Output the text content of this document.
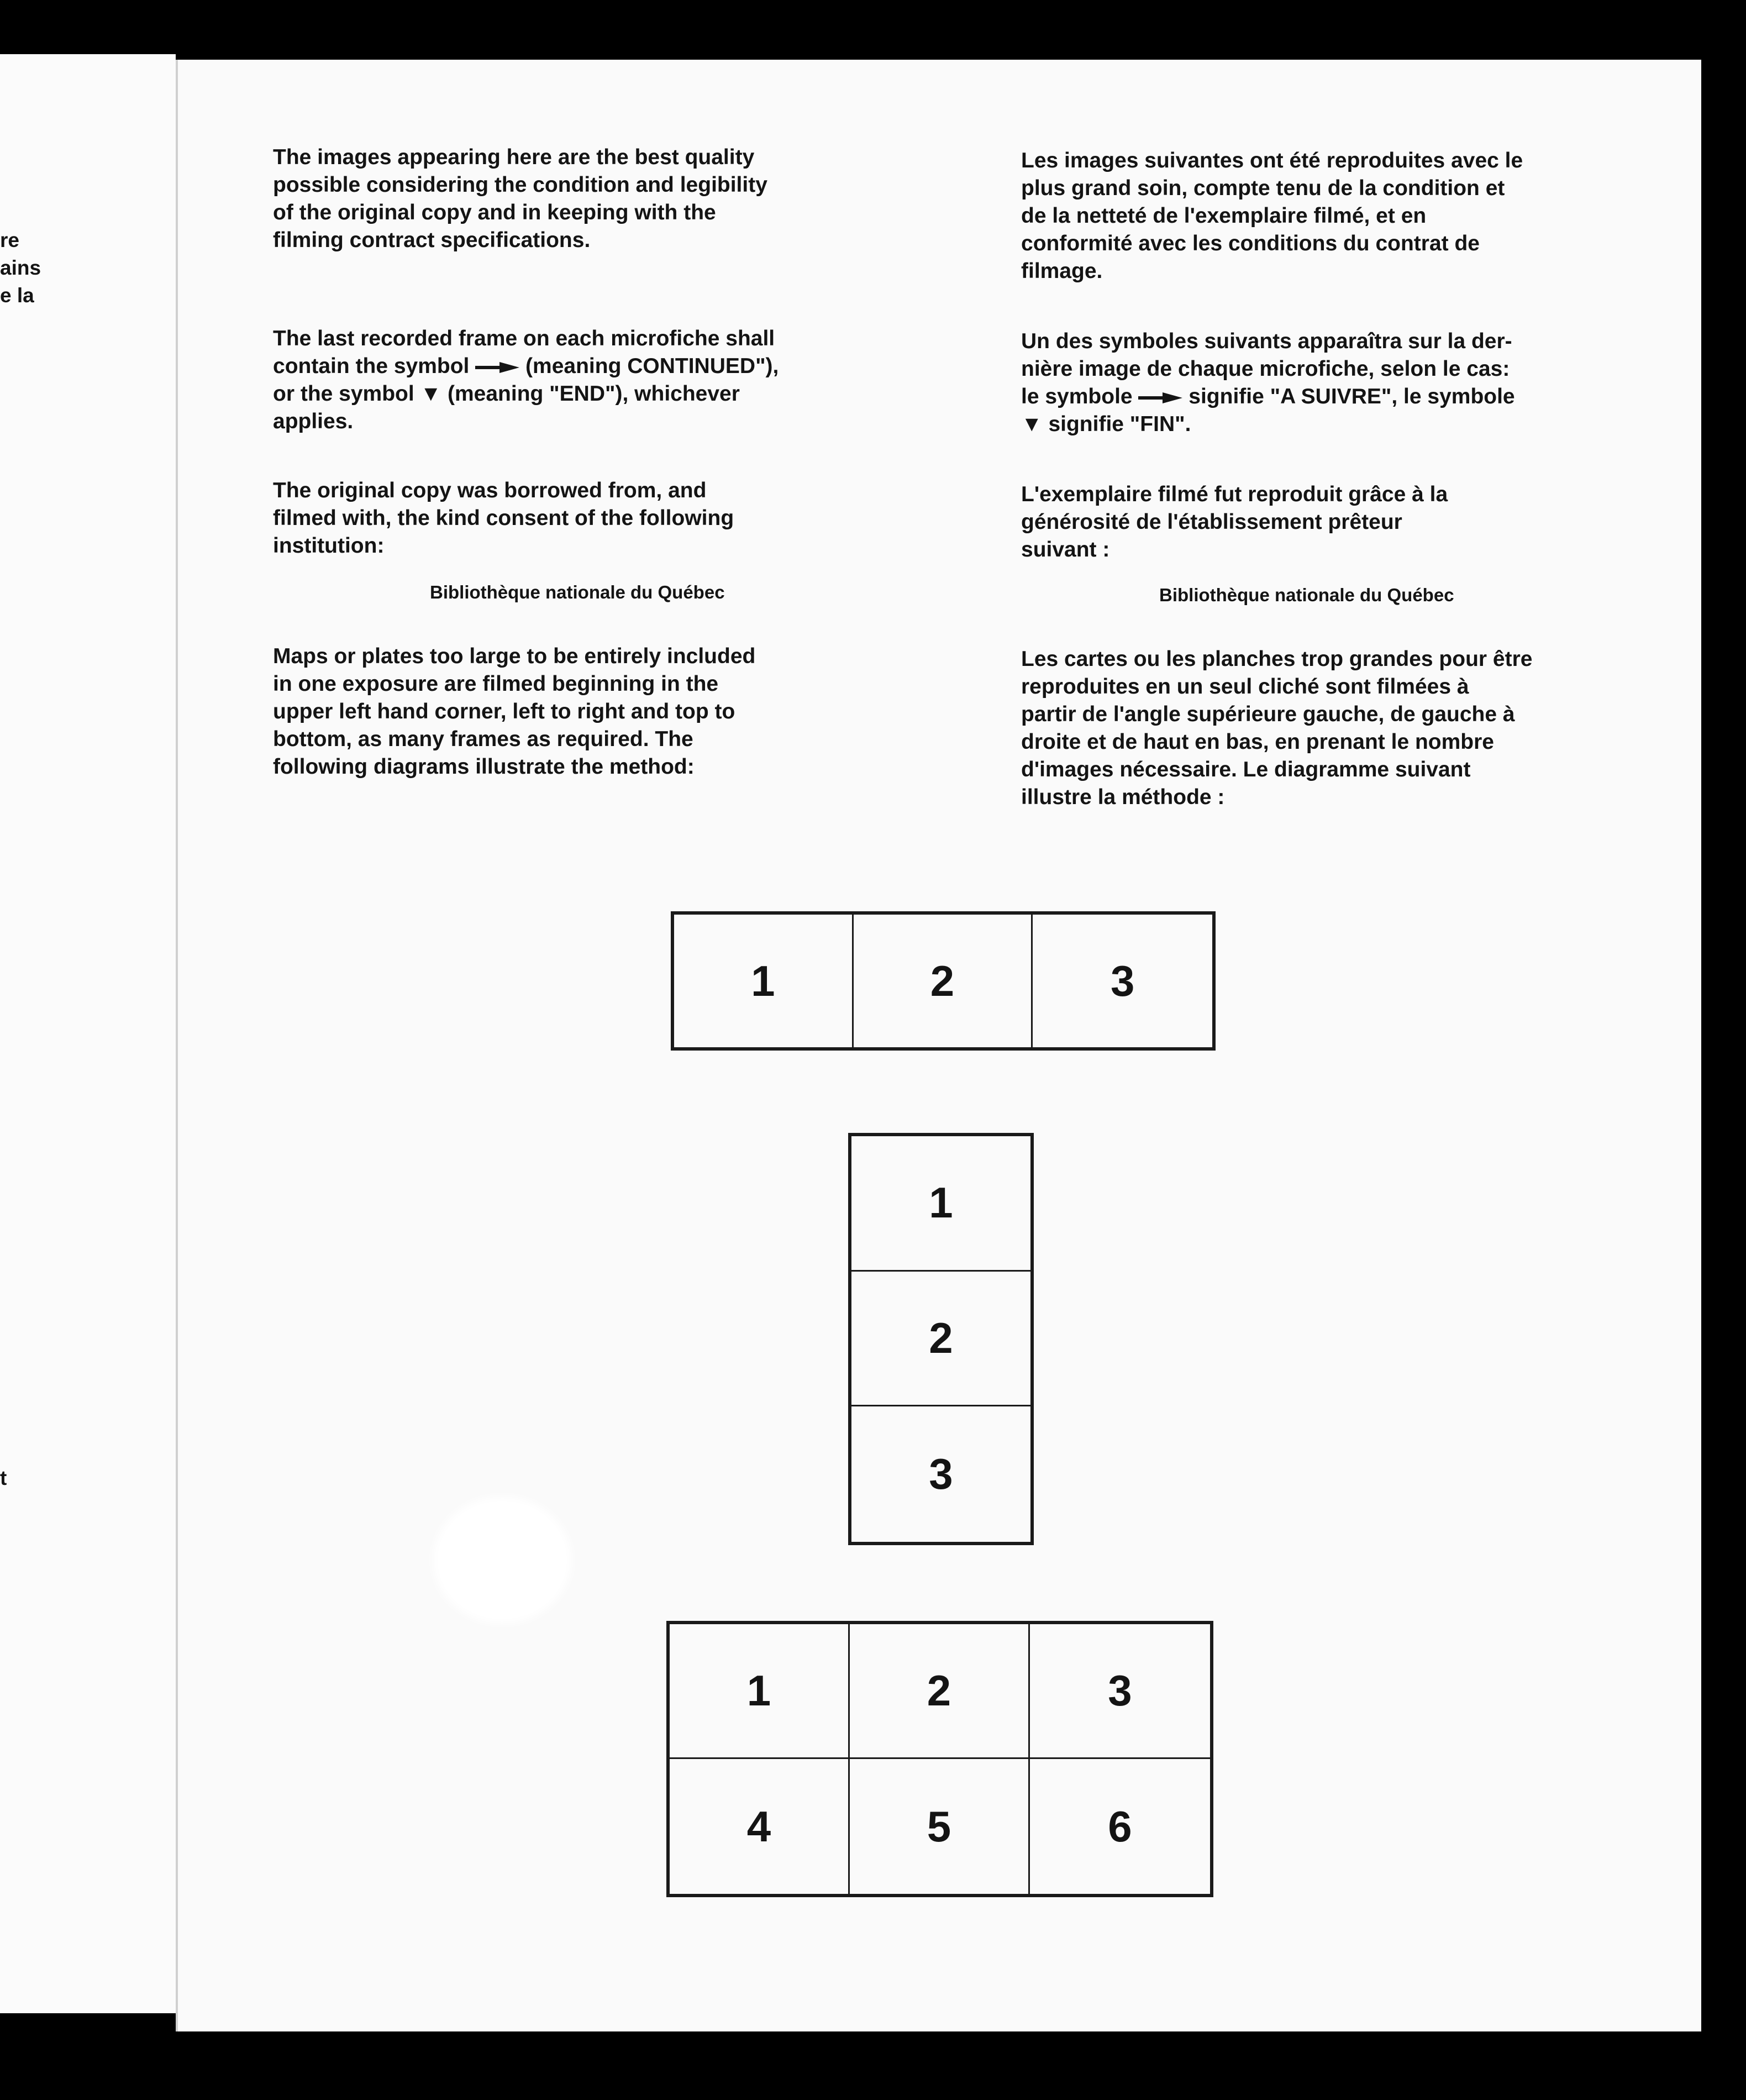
re
ains
e la
t

The images appearing here are the best quality
possible considering the condition and legibility
of the original copy and in keeping with the
filming contract specifications.

The last recorded frame on each microfiche shall
contain the symbol	(meaning CONTINUED"),
or the symbol ▼ (meaning "END"), whichever
applies.

The original copy was borrowed from, and
filmed with, the kind consent of the following
institution:

Bibliothèque nationale du Québec

Maps or plates too large to be entirely included
in one exposure are filmed beginning in the
upper left hand corner, left to right and top to
bottom, as many frames as required. The
following diagrams illustrate the method:

Les images suivantes ont été reproduites avec le
plus grand soin, compte tenu de la condition et
de la netteté de l'exemplaire filmé, et en
conformité avec les conditions du contrat de
filmage.

Un des symboles suivants apparaîtra sur la der-
nière image de chaque microfiche, selon le cas:
le symbole	signifie "A SUIVRE", le symbole
▼ signifie "FIN".

L'exemplaire filmé fut reproduit grâce à la
générosité de l'établissement prêteur
suivant :

Bibliothèque nationale du Québec

Les cartes ou les planches trop grandes pour être
reproduites en un seul cliché sont filmées à
partir de l'angle supérieure gauche, de gauche à
droite et de haut en bas, en prenant le nombre
d'images nécessaire. Le diagramme suivant
illustre la méthode :

1	2	3
1
2
3
1	2	3
4	5	6
